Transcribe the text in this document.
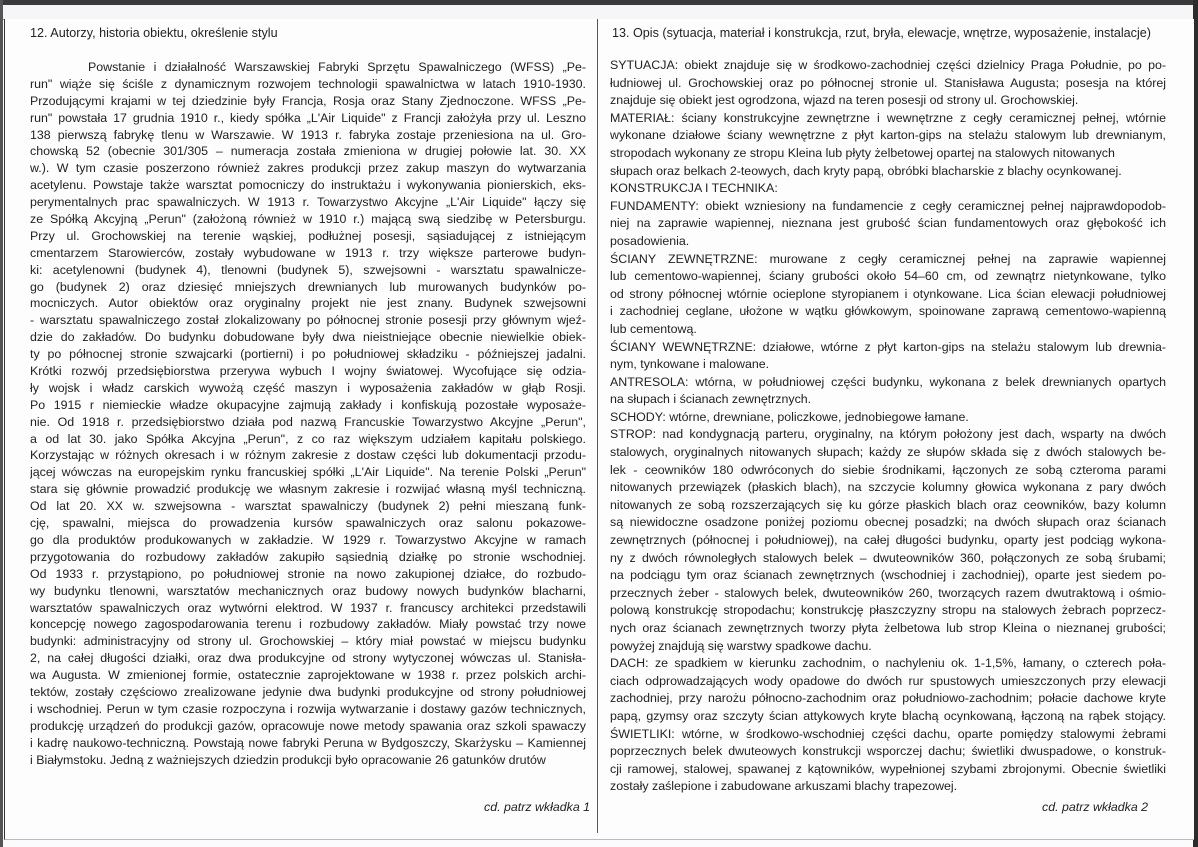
12. Autorzy, historia obiektu, określenie stylu
Powstanie i działalność Warszawskiej Fabryki Sprzętu Spawalniczego (WFSS) „Pe-
run" wiąże się ściśle z dynamicznym rozwojem technologii spawalnictwa w latach 1910-1930.
Przodującymi krajami w tej dziedzinie były Francja, Rosja oraz Stany Zjednoczone. WFSS „Pe-
run" powstała 17 grudnia 1910 r., kiedy spółka „L'Air Liquide" z Francji założyła przy ul. Leszno
138 pierwszą fabrykę tlenu w Warszawie. W 1913 r. fabryka zostaje przeniesiona na ul. Gro-
chowską 52 (obecnie 301/305 – numeracja została zmieniona w drugiej połowie lat. 30. XX
w.). W tym czasie poszerzono również zakres produkcji przez zakup maszyn do wytwarzania
acetylenu. Powstaje także warsztat pomocniczy do instruktażu i wykonywania pionierskich, eks-
perymentalnych prac spawalniczych. W 1913 r. Towarzystwo Akcyjne „L'Air Liquide" łączy się
ze Spółką Akcyjną „Perun" (założoną również w 1910 r.) mającą swą siedzibę w Petersburgu.
Przy ul. Grochowskiej na terenie wąskiej, podłużnej posesji, sąsiadującej z istniejącym
cmentarzem Starowierców, zostały wybudowane w 1913 r. trzy większe parterowe budyn-
ki: acetylenowni (budynek 4), tlenowni (budynek 5), szwejsowni - warsztatu spawalnicze-
go (budynek 2) oraz dziesięć mniejszych drewnianych lub murowanych budynków po-
mocniczych. Autor obiektów oraz oryginalny projekt nie jest znany. Budynek szwejsowni
- warsztatu spawalniczego został zlokalizowany po północnej stronie posesji przy głównym wjeź-
dzie do zakładów. Do budynku dobudowane były dwa nieistniejące obecnie niewielkie obiek-
ty po północnej stronie szwajcarki (portierni) i po południowej składziku - późniejszej jadalni.
Krótki rozwój przedsiębiorstwa przerywa wybuch I wojny światowej. Wycofujące się odzia-
ły wojsk i władz carskich wywożą część maszyn i wyposażenia zakładów w głąb Rosji.
Po 1915 r niemieckie władze okupacyjne zajmują zakłady i konfiskują pozostałe wyposaże-
nie. Od 1918 r. przedsiębiorstwo działa pod nazwą Francuskie Towarzystwo Akcyjne „Perun",
a od lat 30. jako Spółka Akcyjna „Perun", z co raz większym udziałem kapitału polskiego.
Korzystając w różnych okresach i w różnym zakresie z dostaw części lub dokumentacji przodu-
jącej wówczas na europejskim rynku francuskiej spółki „L'Air Liquide". Na terenie Polski „Perun"
stara się głównie prowadzić produkcję we własnym zakresie i rozwijać własną myśl techniczną.
Od lat 20. XX w. szwejsowna - warsztat spawalniczy (budynek 2) pełni mieszaną funk-
cję, spawalni, miejsca do prowadzenia kursów spawalniczych oraz salonu pokazowe-
go dla produktów produkowanych w zakładzie. W 1929 r. Towarzystwo Akcyjne w ramach
przygotowania do rozbudowy zakładów zakupiło sąsiednią działkę po stronie wschodniej.
Od 1933 r. przystąpiono, po południowej stronie na nowo zakupionej działce, do rozbudo-
wy budynku tlenowni, warsztatów mechanicznych oraz budowy nowych budynków blacharni,
warsztatów spawalniczych oraz wytwórni elektrod. W 1937 r. francuscy architekci przedstawili
koncepcję nowego zagospodarowania terenu i rozbudowy zakładów. Miały powstać trzy nowe
budynki: administracyjny od strony ul. Grochowskiej – który miał powstać w miejscu budynku
2, na całej długości działki, oraz dwa produkcyjne od strony wytyczonej wówczas ul. Stanisła-
wa Augusta. W zmienionej formie, ostatecznie zaprojektowane w 1938 r. przez polskich archi-
tektów, zostały częściowo zrealizowane jedynie dwa budynki produkcyjne od strony południowej
i wschodniej. Perun w tym czasie rozpoczyna i rozwija wytwarzanie i dostawy gazów technicznych,
produkcję urządzeń do produkcji gazów, opracowuje nowe metody spawania oraz szkoli spawaczy
i kadrę naukowo-techniczną. Powstają nowe fabryki Peruna w Bydgoszczy, Skarżysku – Kamiennej
i Białymstoku. Jedną z ważniejszych dziedzin produkcji było opracowanie 26 gatunków drutów
13. Opis (sytuacja, materiał i konstrukcja, rzut, bryła, elewacje, wnętrze, wyposażenie, instalacje)
SYTUACJA: obiekt znajduje się w środkowo-zachodniej części dzielnicy Praga Południe, po po-
łudniowej ul. Grochowskiej oraz po północnej stronie ul. Stanisława Augusta; posesja na której
znajduje się obiekt jest ogrodzona, wjazd na teren posesji od strony ul. Grochowskiej.
MATERIAŁ: ściany konstrukcyjne zewnętrzne i wewnętrzne z cegły ceramicznej pełnej, wtórnie
wykonane działowe ściany wewnętrzne z płyt karton-gips na stelażu stalowym lub drewnianym,
stropodach wykonany ze stropu Kleina lub płyty żelbetowej opartej na stalowych nitowanych
słupach oraz belkach 2-teowych, dach kryty papą, obróbki blacharskie z blachy ocynkowanej.
KONSTRUKCJA I TECHNIKA:
FUNDAMENTY: obiekt wzniesiony na fundamencie z cegły ceramicznej pełnej najprawdopodob-
niej na zaprawie wapiennej, nieznana jest grubość ścian fundamentowych oraz głębokość ich
posadowienia.
ŚCIANY ZEWNĘTRZNE: murowane z cegły ceramicznej pełnej na zaprawie wapiennej
lub cementowo-wapiennej, ściany grubości około 54–60 cm, od zewnątrz nietynkowane, tylko
od strony północnej wtórnie ocieplone styropianem i otynkowane. Lica ścian elewacji południowej
i zachodniej ceglane, ułożone w wątku główkowym, spoinowane zaprawą cementowo-wapienną
lub cementową.
ŚCIANY WEWNĘTRZNE: działowe, wtórne z płyt karton-gips na stelażu stalowym lub drewnia-
nym, tynkowane i malowane.
ANTRESOLA: wtórna, w południowej części budynku, wykonana z belek drewnianych opartych
na słupach i ścianach zewnętrznych.
SCHODY: wtórne, drewniane, policzkowe, jednobiegowe łamane.
STROP: nad kondygnacją parteru, oryginalny, na którym położony jest dach, wsparty na dwóch
stalowych, oryginalnych nitowanych słupach; każdy ze słupów składa się z dwóch stalowych be-
lek - ceowników 180 odwróconych do siebie środnikami, łączonych ze sobą czteroma parami
nitowanych przewiązek (płaskich blach), na szczycie kolumny głowica wykonana z pary dwóch
nitowanych ze sobą rozszerzających się ku górze płaskich blach oraz ceowników, bazy kolumn
są niewidoczne osadzone poniżej poziomu obecnej posadzki; na dwóch słupach oraz ścianach
zewnętrznych (północnej i południowej), na całej długości budynku, oparty jest podciąg wykona-
ny z dwóch równoległych stalowych belek – dwuteowników 360, połączonych ze sobą śrubami;
na podciągu tym oraz ścianach zewnętrznych (wschodniej i zachodniej), oparte jest siedem po-
przecznych żeber - stalowych belek, dwuteowników 260, tworzących razem dwutraktową i ośmio-
polową konstrukcję stropodachu; konstrukcję płaszczyzny stropu na stalowych żebrach poprzecz-
nych oraz ścianach zewnętrznych tworzy płyta żelbetowa lub strop Kleina o nieznanej grubości;
powyżej znajdują się warstwy spadkowe dachu.
DACH: ze spadkiem w kierunku zachodnim, o nachyleniu ok. 1-1,5%, łamany, o czterech poła-
ciach odprowadzających wody opadowe do dwóch rur spustowych umieszczonych przy elewacji
zachodniej, przy narożu północno-zachodnim oraz południowo-zachodnim; połacie dachowe kryte
papą, gzymsy oraz szczyty ścian attykowych kryte blachą ocynkowaną, łączoną na rąbek stojący.
ŚWIETLIKI: wtórne, w środkowo-wschodniej części dachu, oparte pomiędzy stalowymi żebrami
poprzecznych belek dwuteowych konstrukcji wsporczej dachu; świetliki dwuspadowe, o konstruk-
cji ramowej, stalowej, spawanej z kątowników, wypełnionej szybami zbrojonymi. Obecnie świetliki
zostały zaślepione i zabudowane arkuszami blachy trapezowej.
cd. patrz wkładka 1	cd. patrz wkładka 2
